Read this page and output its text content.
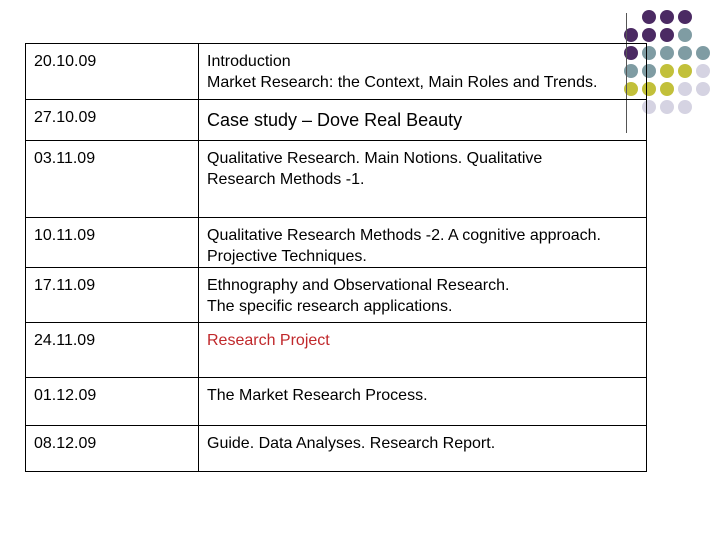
20.10.09	Introduction
Market Research: the Context, Main Roles and Trends.

27.10.09	Case study – Dove Real Beauty

03.11.09	Qualitative Research. Main Notions. Qualitative
Research Methods -1.

10.11.09	Qualitative Research Methods -2. A cognitive approach.
Projective Techniques.

17.11.09	Ethnography and Observational Research.
The specific research applications.

24.11.09	Research Project

01.12.09	The Market Research Process.

08.12.09	Guide. Data Analyses. Research Report.
